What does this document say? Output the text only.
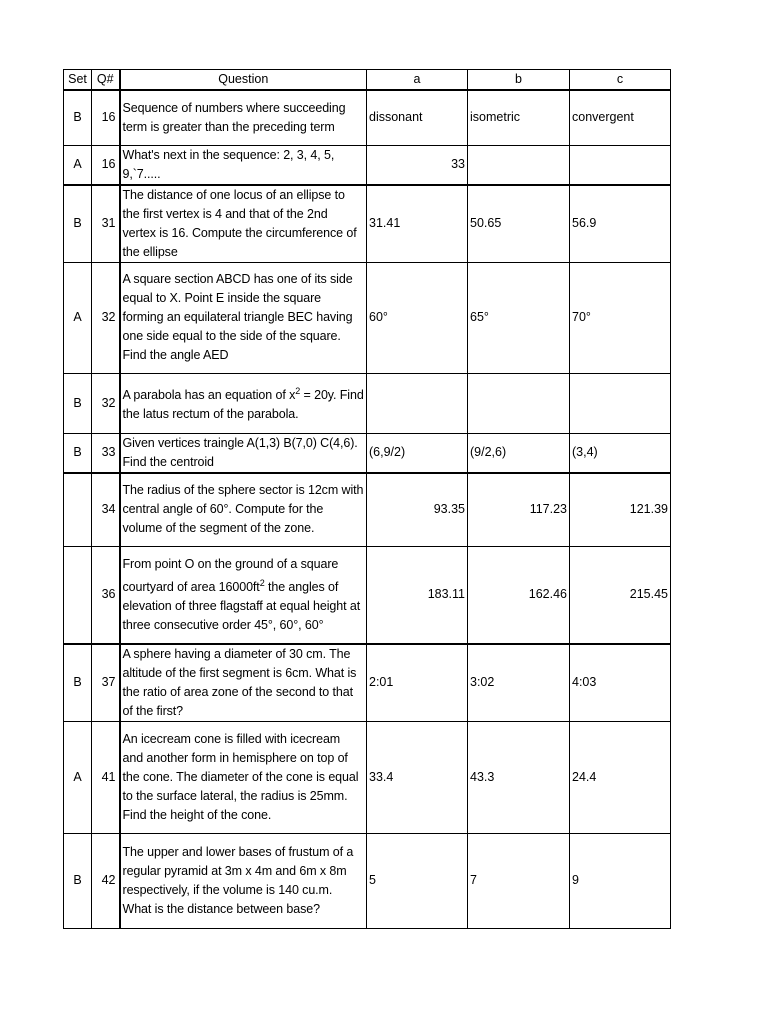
Set	Q#	Question	a	b	c
B	16	Sequence of numbers where succeeding term is greater than the preceding term	dissonant	isometric	convergent
A	16	What's next in the sequence: 2, 3, 4, 5, 9,`7.....	33		
B	31	The distance of one locus of an ellipse to the first vertex is 4 and that of the 2nd vertex is 16. Compute the circumference of the ellipse	31.41	50.65	56.9
A	32	A square section ABCD has one of its side equal to X. Point E inside the square forming an equilateral triangle BEC having one side equal to the side of the square. Find the angle AED	60°	65°	70°
B	32	A parabola has an equation of $x^2 = 20y$. Find the latus rectum of the parabola.			
B	33	Given vertices traingle A(1,3) B(7,0) C(4,6). Find the centroid	(6,9/2)	(9/2,6)	(3,4)
	34	The radius of the sphere sector is 12cm with central angle of 60°. Compute for the volume of the segment of the zone.	93.35	117.23	121.39
	36	From point O on the ground of a square courtyard of area $16000ft^2$ the angles of elevation of three flagstaff at equal height at three consecutive order 45°, 60°, 60°	183.11	162.46	215.45
B	37	A sphere having a diameter of 30 cm. The altitude of the first segment is 6cm. What is the ratio of area zone of the second to that of the first?	2:01	3:02	4:03
A	41	An icecream cone is filled with icecream and another form in hemisphere on top of the cone. The diameter of the cone is equal to the surface lateral, the radius is 25mm. Find the height of the cone.	33.4	43.3	24.4
B	42	The upper and lower bases of frustum of a regular pyramid at 3m x 4m and 6m x 8m respectively, if the volume is 140 cu.m. What is the distance between base?	5	7	9
